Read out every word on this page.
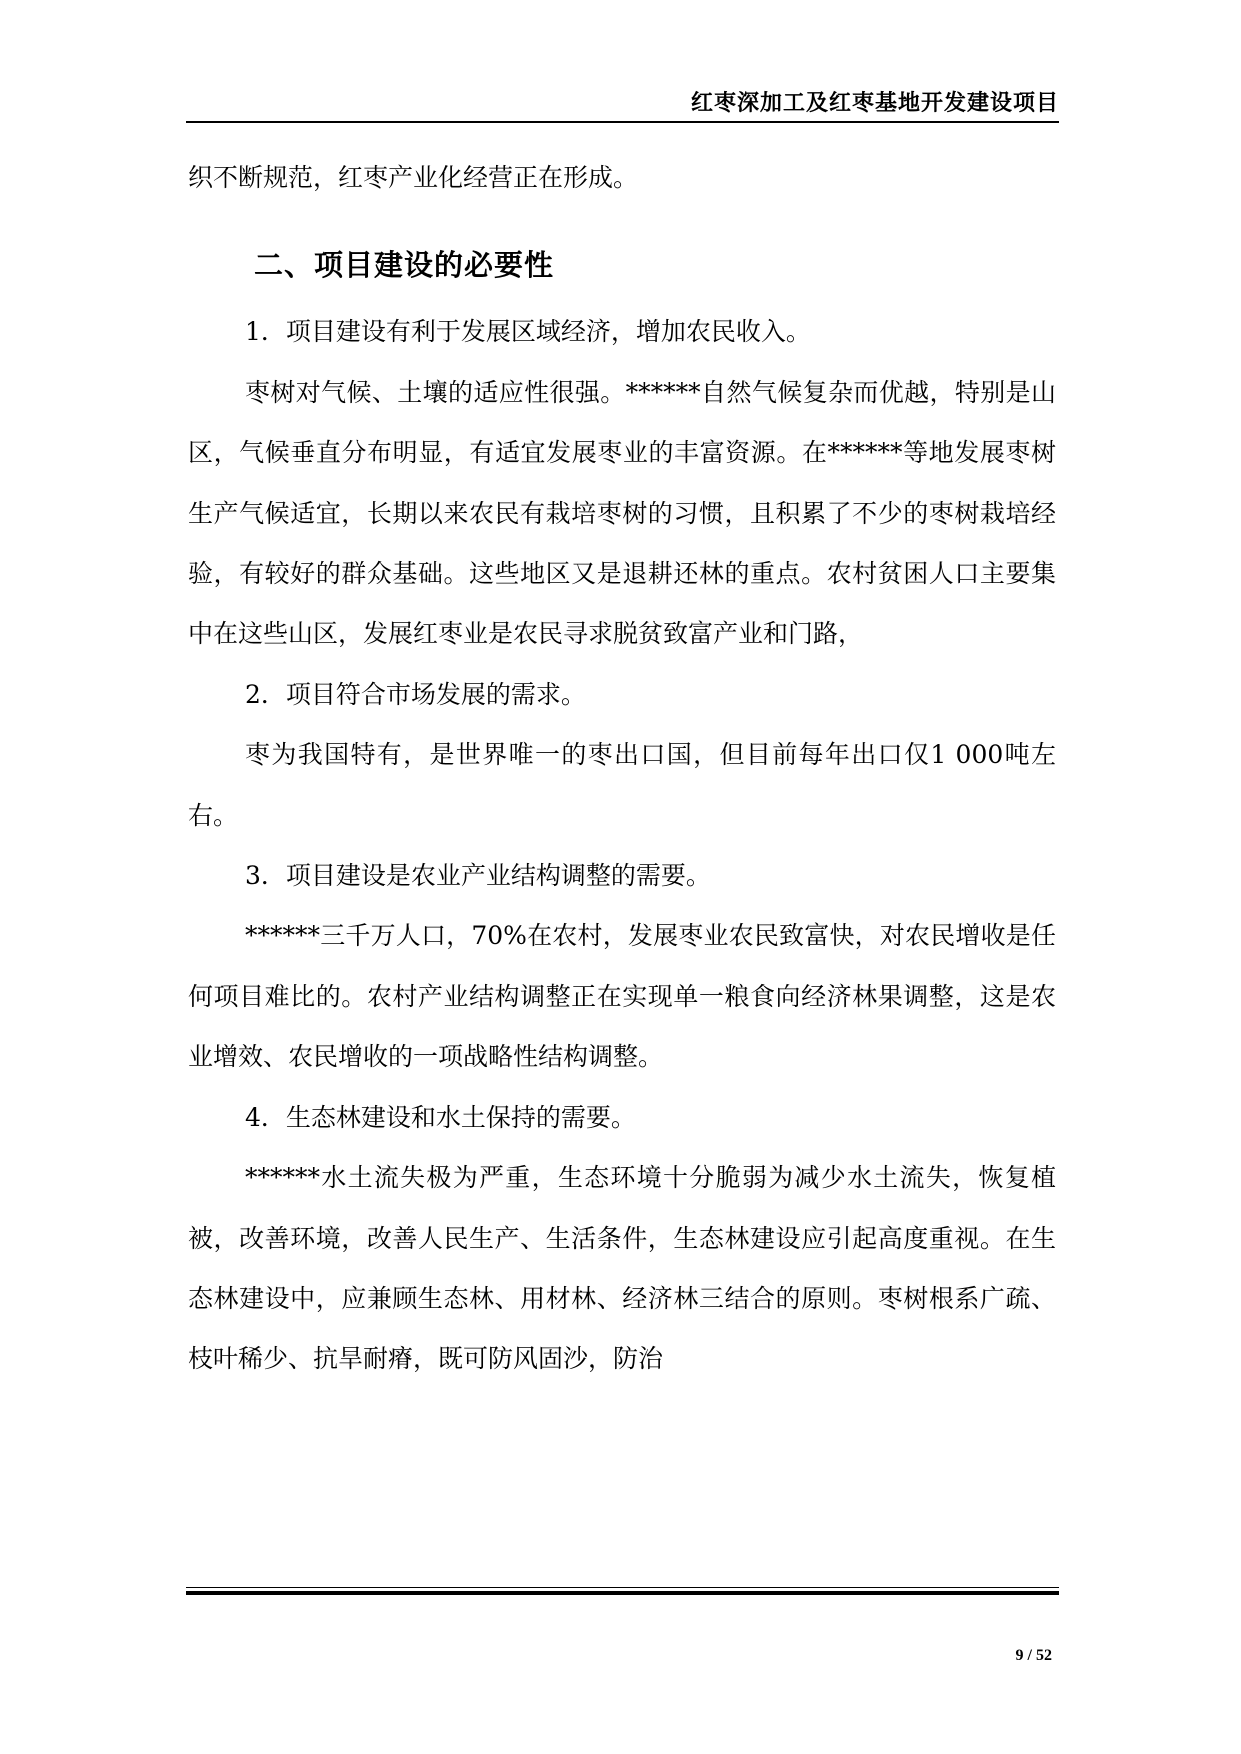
红枣深加工及红枣基地开发建设项目

织不断规范，红枣产业化经营正在形成。

二、项目建设的必要性

1．项目建设有利于发展区域经济，增加农民收入。

枣树对气候、土壤的适应性很强。******自然气候复杂而优越，特别是山区，气候垂直分布明显，有适宜发展枣业的丰富资源。在******等地发展枣树生产气候适宜，长期以来农民有栽培枣树的习惯，且积累了不少的枣树栽培经验，有较好的群众基础。这些地区又是退耕还林的重点。农村贫困人口主要集中在这些山区，发展红枣业是农民寻求脱贫致富产业和门路，

2．项目符合市场发展的需求。

枣为我国特有，是世界唯一的枣出口国，但目前每年出口仅1 000吨左右。

3．项目建设是农业产业结构调整的需要。

******三千万人口，70%在农村，发展枣业农民致富快，对农民增收是任何项目难比的。农村产业结构调整正在实现单一粮食向经济林果调整，这是农业增效、农民增收的一项战略性结构调整。

4．生态林建设和水土保持的需要。

******水土流失极为严重，生态环境十分脆弱为减少水土流失，恢复植被，改善环境，改善人民生产、生活条件，生态林建设应引起高度重视。在生态林建设中，应兼顾生态林、用材林、经济林三结合的原则。枣树根系广疏、枝叶稀少、抗旱耐瘠，既可防风固沙，防治

9 / 52
